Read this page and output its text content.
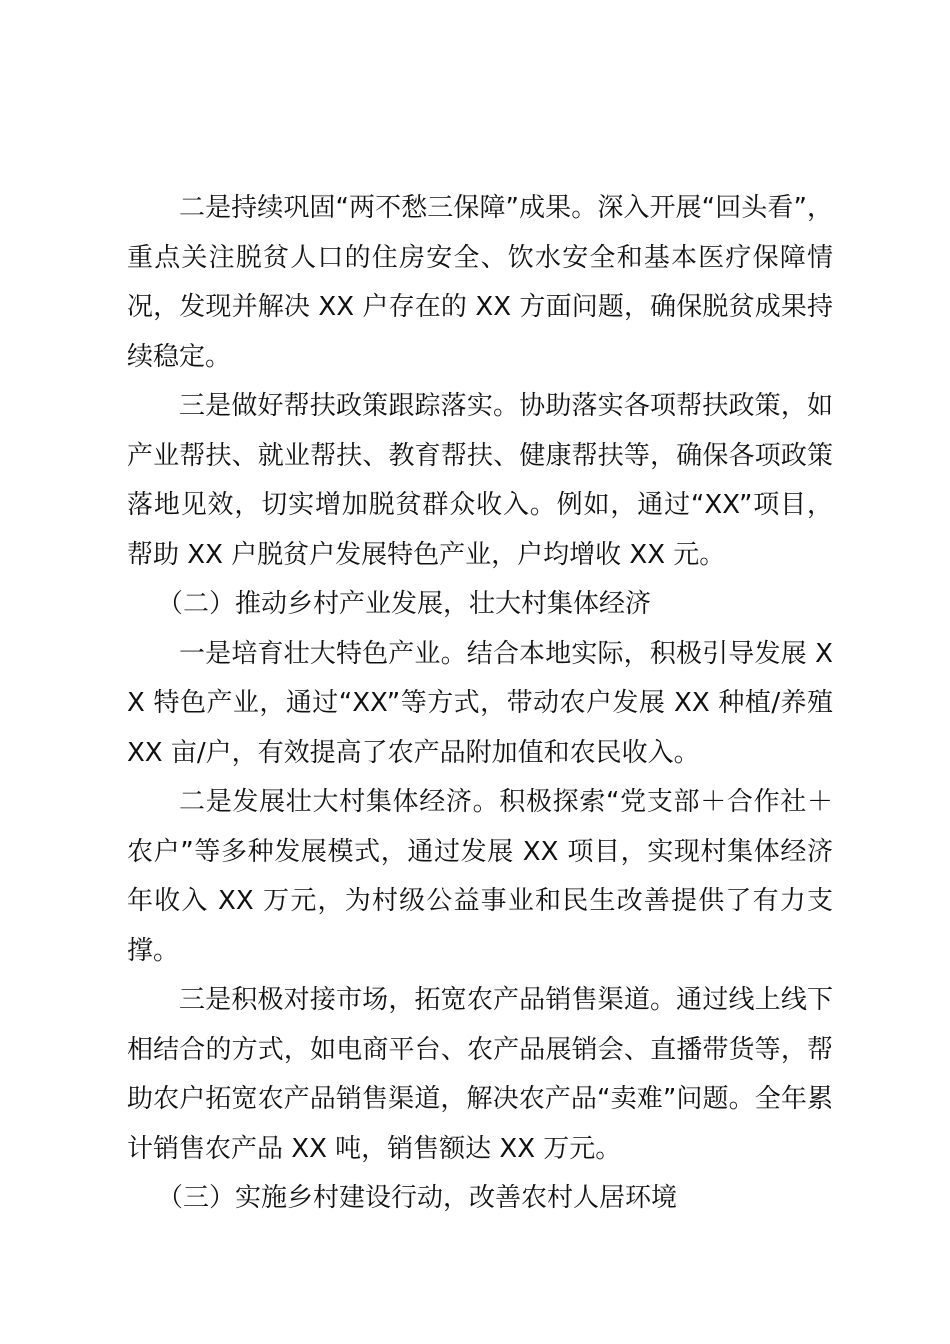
二是持续巩固“两不愁三保障”成果。深入开展“回头看”，重点关注脱贫人口的住房安全、饮水安全和基本医疗保障情况，发现并解决 XX 户存在的 XX 方面问题，确保脱贫成果持续稳定。

三是做好帮扶政策跟踪落实。协助落实各项帮扶政策，如产业帮扶、就业帮扶、教育帮扶、健康帮扶等，确保各项政策落地见效，切实增加脱贫群众收入。例如，通过“XX”项目，帮助 XX 户脱贫户发展特色产业，户均增收 XX 元。

（二）推动乡村产业发展，壮大村集体经济

一是培育壮大特色产业。结合本地实际，积极引导发展 XX 特色产业，通过“XX”等方式，带动农户发展 XX 种植/养殖 XX 亩/户，有效提高了农产品附加值和农民收入。

二是发展壮大村集体经济。积极探索“党支部＋合作社＋农户”等多种发展模式，通过发展 XX 项目，实现村集体经济年收入 XX 万元，为村级公益事业和民生改善提供了有力支撑。

三是积极对接市场，拓宽农产品销售渠道。通过线上线下相结合的方式，如电商平台、农产品展销会、直播带货等，帮助农户拓宽农产品销售渠道，解决农产品“卖难”问题。全年累计销售农产品 XX 吨，销售额达 XX 万元。

（三）实施乡村建设行动，改善农村人居环境
